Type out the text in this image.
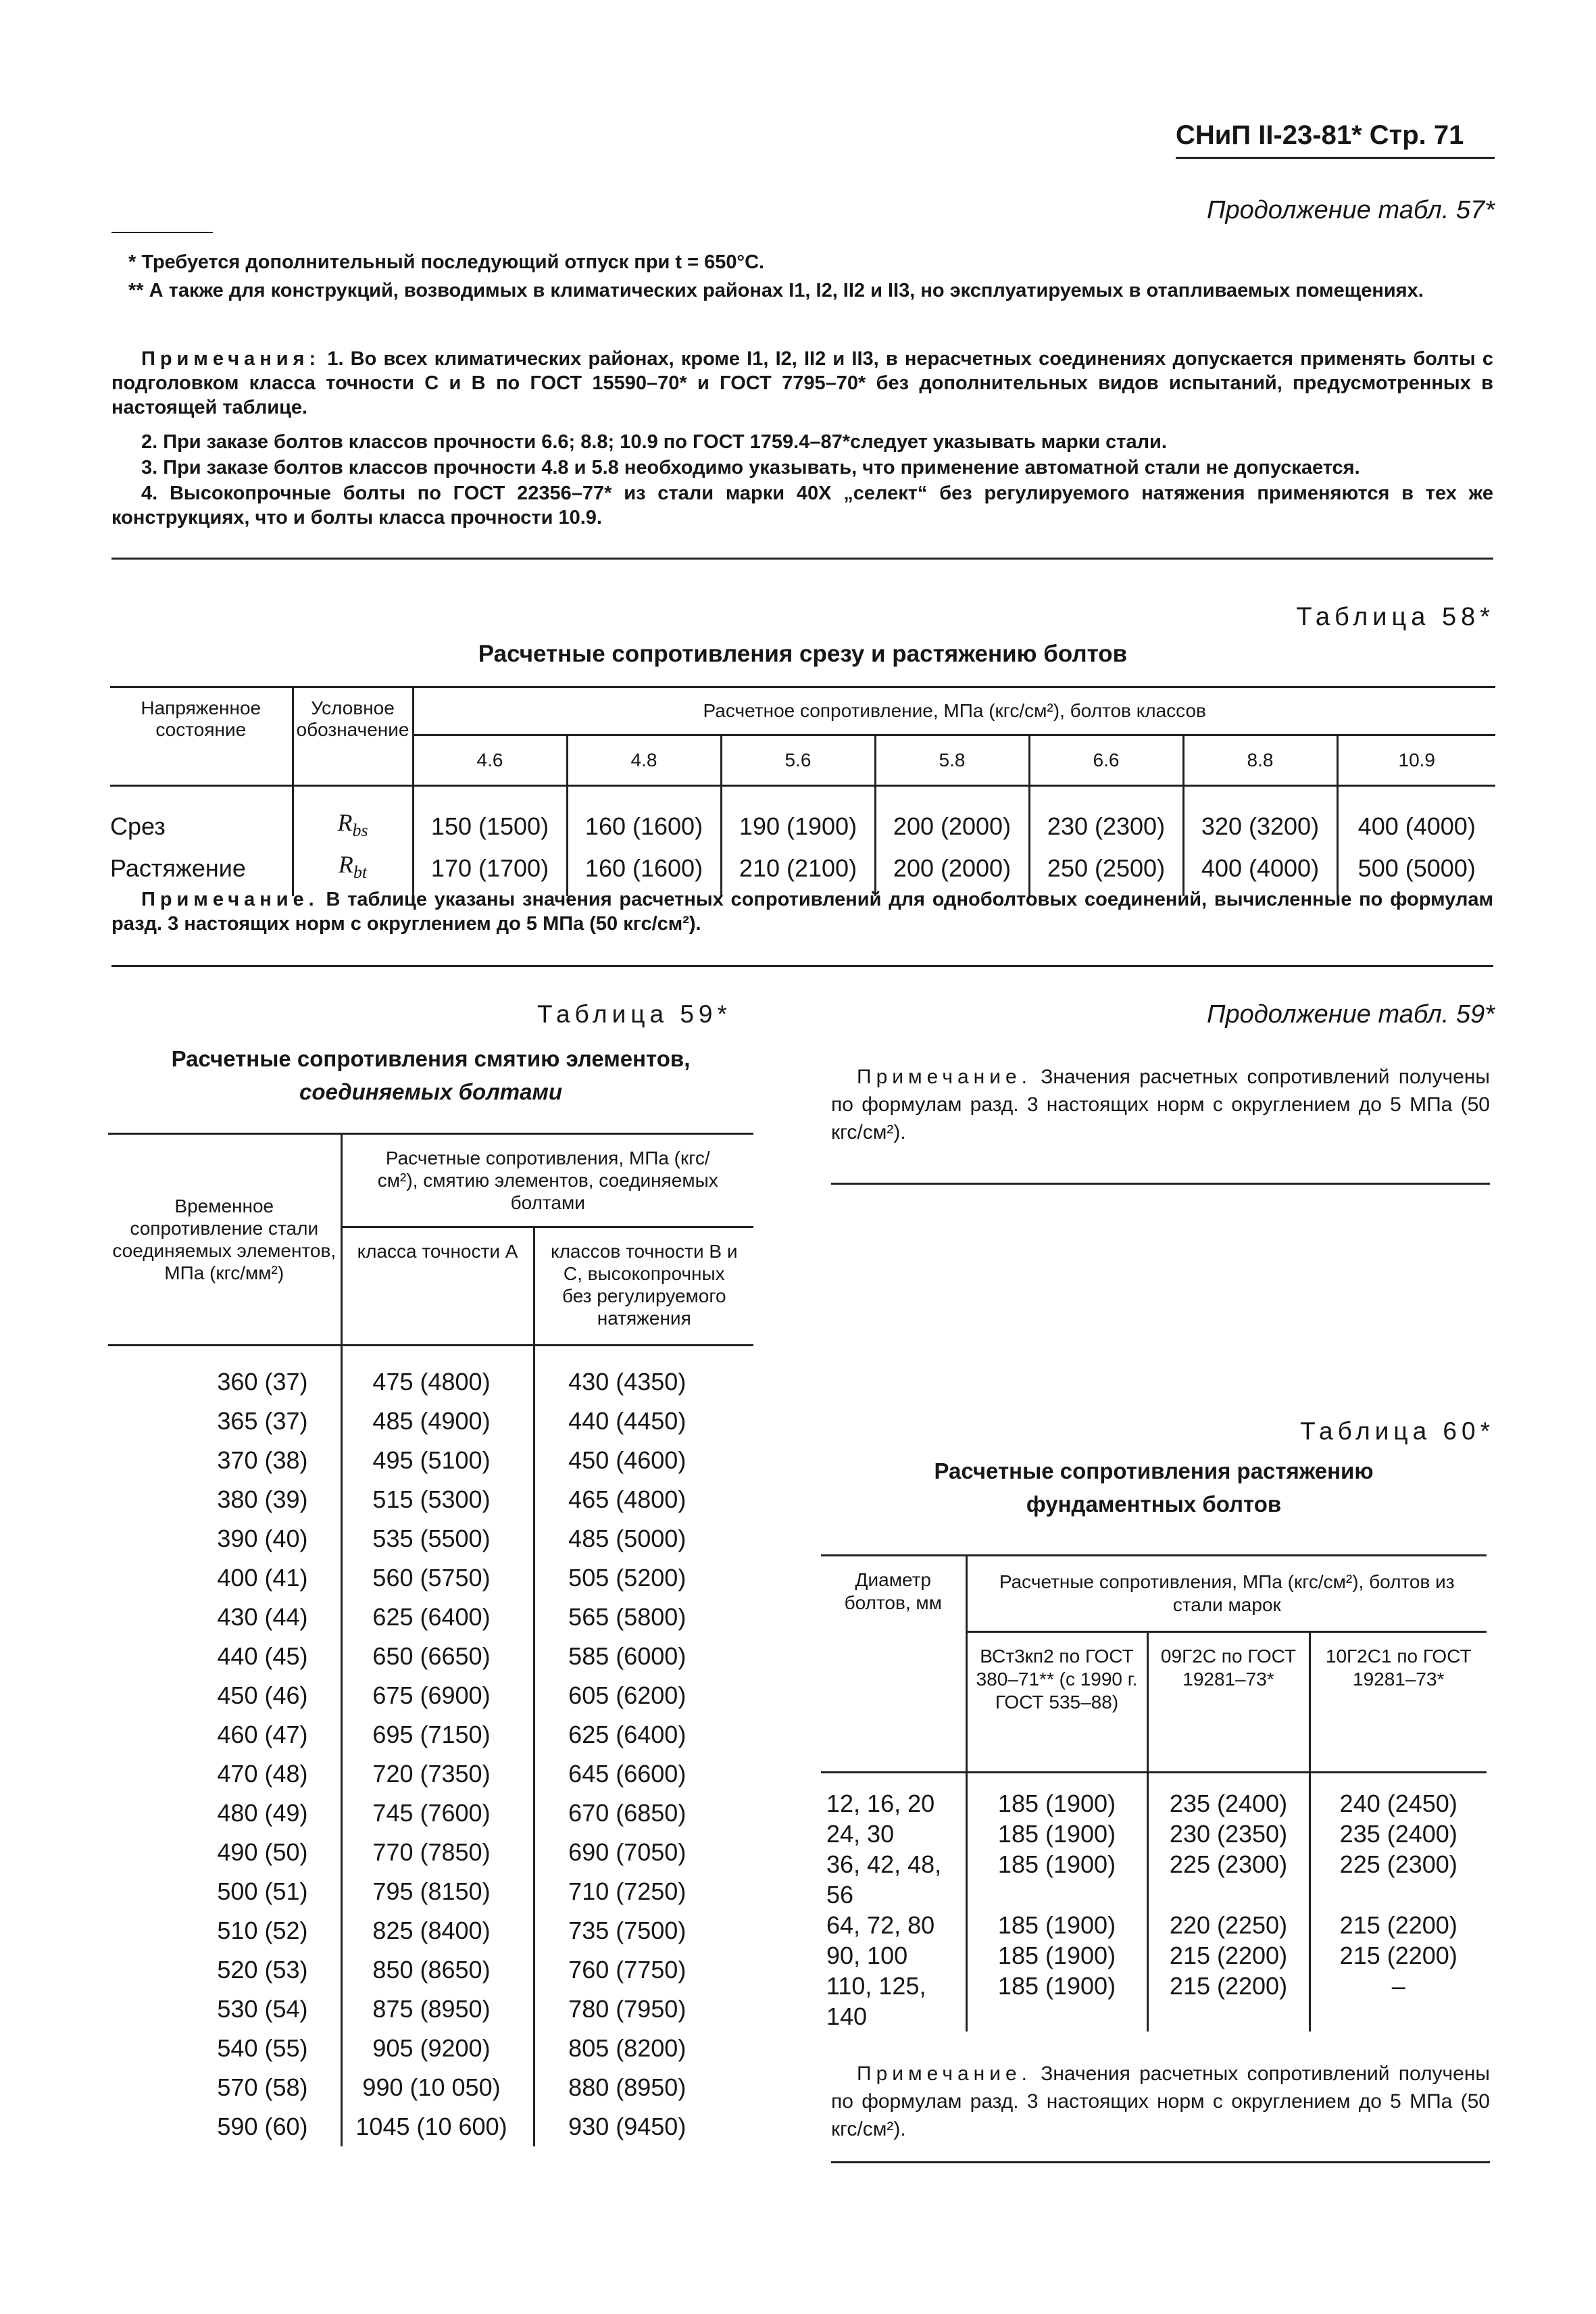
СНиП II-23-81* Стр. 71
Продолжение табл. 57*
* Требуется дополнительный последующий отпуск при t = 650°С.
** А также для конструкций, возводимых в климатических районах I1, I2, II2 и II3, но эксплуатируемых в отапливаемых помещениях.
Примечания: 1. Во всех климатических районах, кроме I1, I2, II2 и II3, в нерасчетных соединениях допускается применять болты с подголовком класса точности С и В по ГОСТ 15590–70* и ГОСТ 7795–70* без дополнительных видов испытаний, предусмотренных в настоящей таблице.
2. При заказе болтов классов прочности 6.6; 8.8; 10.9 по ГОСТ 1759.4–87*следует указывать марки стали.
3. При заказе болтов классов прочности 4.8 и 5.8 необходимо указывать, что применение автоматной стали не допускается.
4. Высокопрочные болты по ГОСТ 22356–77* из стали марки 40Х „селект“ без регулируемого натяжения применяются в тех же конструкциях, что и болты класса прочности 10.9.
Таблица 58*
Расчетные сопротивления срезу и растяжению болтов
Напряженное состояние	Условное обозначение	Расчетное сопротивление, МПа (кгс/см²), болтов классов						
		4.6	4.8	5.6	5.8	6.6	8.8	10.9
Срез	$R_{bs}$	150 (1500)	160 (1600)	190 (1900)	200 (2000)	230 (2300)	320 (3200)	400 (4000)
Растяжение	$R_{bt}$	170 (1700)	160 (1600)	210 (2100)	200 (2000)	250 (2500)	400 (4000)	500 (5000)
Примечание. В таблице указаны значения расчетных сопротивлений для одноболтовых соединений, вычисленные по формулам разд. 3 настоящих норм с округлением до 5 МПа (50 кгс/см²).
Таблица 59*
Расчетные сопротивления смятию элементов,
соединяемых болтами
Временное сопротивление стали соединяемых элементов, МПа (кгс/мм²)	Расчетные сопротивления, МПа (кгс/см²), смятию элементов, соединяемых болтами	
	класса точности А	классов точности В и С, высокопрочных без регулируемого натяжения
360 (37)	475 (4800)	430 (4350)
365 (37)	485 (4900)	440 (4450)
370 (38)	495 (5100)	450 (4600)
380 (39)	515 (5300)	465 (4800)
390 (40)	535 (5500)	485 (5000)
400 (41)	560 (5750)	505 (5200)
430 (44)	625 (6400)	565 (5800)
440 (45)	650 (6650)	585 (6000)
450 (46)	675 (6900)	605 (6200)
460 (47)	695 (7150)	625 (6400)
470 (48)	720 (7350)	645 (6600)
480 (49)	745 (7600)	670 (6850)
490 (50)	770 (7850)	690 (7050)
500 (51)	795 (8150)	710 (7250)
510 (52)	825 (8400)	735 (7500)
520 (53)	850 (8650)	760 (7750)
530 (54)	875 (8950)	780 (7950)
540 (55)	905 (9200)	805 (8200)
570 (58)	990 (10 050)	880 (8950)
590 (60)	1045 (10 600)	930 (9450)
Продолжение табл. 59*
Примечание. Значения расчетных сопротивлений получены по формулам разд. 3 настоящих норм с округлением до 5 МПа (50 кгс/см²).
Таблица 60*
Расчетные сопротивления растяжению
фундаментных болтов
Диаметр болтов, мм	Расчетные сопротивления, МПа (кгс/см²), болтов из стали марок		
	ВСт3кп2 по ГОСТ 380–71** (с 1990 г. ГОСТ 535–88)	09Г2С по ГОСТ 19281–73*	10Г2С1 по ГОСТ 19281–73*
12, 16, 20	185 (1900)	235 (2400)	240 (2450)
24, 30	185 (1900)	230 (2350)	235 (2400)
36, 42, 48, 56	185 (1900)	225 (2300)	225 (2300)
64, 72, 80	185 (1900)	220 (2250)	215 (2200)
90, 100	185 (1900)	215 (2200)	215 (2200)
110, 125, 140	185 (1900)	215 (2200)	–
Примечание. Значения расчетных сопротивлений получены по формулам разд. 3 настоящих норм с округлением до 5 МПа (50 кгс/см²).
